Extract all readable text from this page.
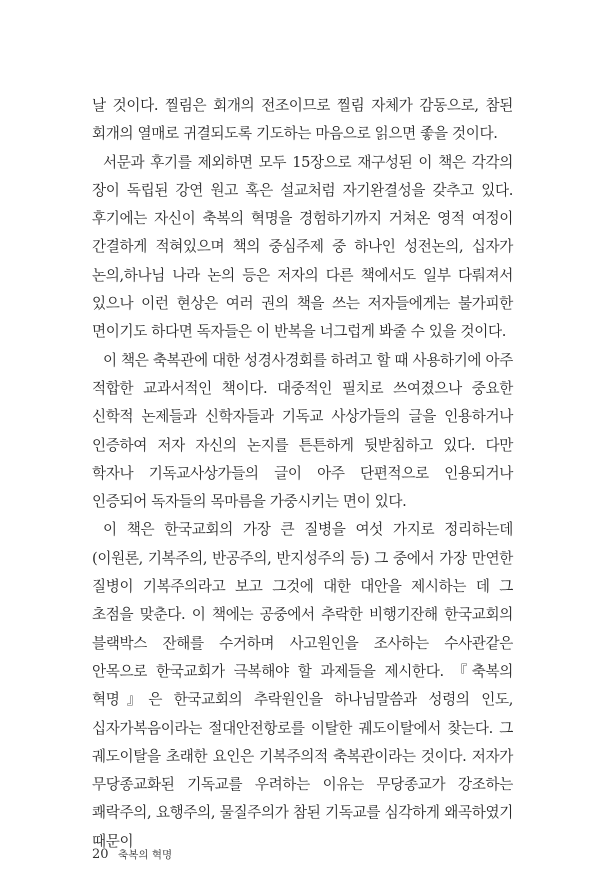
날 것이다. 찔림은 회개의 전조이므로 찔림 자체가 감동으로, 참된 회개의 열매로 귀결되도록 기도하는 마음으로 읽으면 좋을 것이다.

서문과 후기를 제외하면 모두 15장으로 재구성된 이 책은 각각의 장이 독립된 강연 원고 혹은 설교처럼 자기완결성을 갖추고 있다. 후기에는 자신이 축복의 혁명을 경험하기까지 거쳐온 영적 여정이 간결하게 적혀있으며 책의 중심주제 중 하나인 성전논의, 십자가 논의,하나님 나라 논의 등은 저자의 다른 책에서도 일부 다뤄져서 있으나 이런 현상은 여러 권의 책을 쓰는 저자들에게는 불가피한 면이기도 하다면 독자들은 이 반복을 너그럽게 봐줄 수 있을 것이다.

이 책은 축복관에 대한 성경사경회를 하려고 할 때 사용하기에 아주 적합한 교과서적인 책이다. 대중적인 필치로 쓰여졌으나 중요한 신학적 논제들과 신학자들과 기독교 사상가들의 글을 인용하거나 인증하여 저자 자신의 논지를 튼튼하게 뒷받침하고 있다. 다만 학자나 기독교사상가들의 글이 아주 단편적으로 인용되거나 인증되어 독자들의 목마름을 가중시키는 면이 있다.

이 책은 한국교회의 가장 큰 질병을 여섯 가지로 정리하는데(이원론, 기복주의, 반공주의, 반지성주의 등) 그 중에서 가장 만연한 질병이 기복주의라고 보고 그것에 대한 대안을 제시하는 데 그 초점을 맞춘다. 이 책에는 공중에서 추락한 비행기잔해 한국교회의 블랙박스 잔해를 수거하며 사고원인을 조사하는 수사관같은 안목으로 한국교회가 극복해야 할 과제들을 제시한다. 『축복의 혁명』은 한국교회의 추락원인을 하나님말씀과 성령의 인도, 십자가복음이라는 절대안전항로를 이탈한 궤도이탈에서 찾는다. 그 궤도이탈을 초래한 요인은 기복주의적 축복관이라는 것이다. 저자가 무당종교화된 기독교를 우려하는 이유는 무당종교가 강조하는 쾌락주의, 요행주의, 물질주의가 참된 기독교를 심각하게 왜곡하였기 때문이

20 축복의 혁명
